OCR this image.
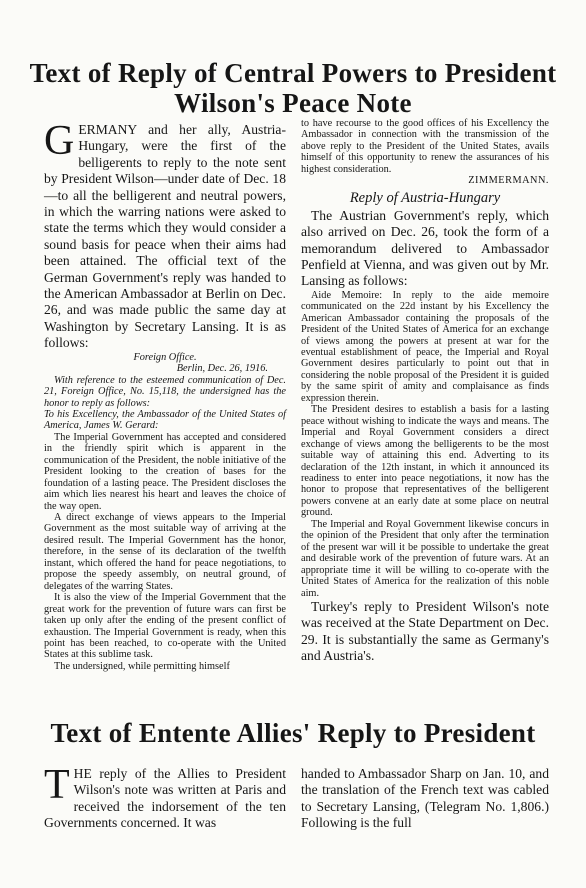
Text of Reply of Central Powers to President
Wilson's Peace Note

GERMANY and her ally, Austria-Hungary, were the first of the belligerents to reply to the note sent by President Wilson—under date of Dec. 18—to all the belligerent and neutral powers, in which the warring nations were asked to state the terms which they would consider a sound basis for peace when their aims had been attained. The official text of the German Government's reply was handed to the American Ambassador at Berlin on Dec. 26, and was made public the same day at Washington by Secretary Lansing. It is as follows:

Foreign Office.

Berlin, Dec. 26, 1916.

With reference to the esteemed communication of Dec. 21, Foreign Office, No. 15,118, the undersigned has the honor to reply as follows:

To his Excellency, the Ambassador of the United States of America, James W. Gerard:

The Imperial Government has accepted and considered in the friendly spirit which is apparent in the communication of the President, the noble initiative of the President looking to the creation of bases for the foundation of a lasting peace. The President discloses the aim which lies nearest his heart and leaves the choice of the way open.

A direct exchange of views appears to the Imperial Government as the most suitable way of arriving at the desired result. The Imperial Government has the honor, therefore, in the sense of its declaration of the twelfth instant, which offered the hand for peace negotiations, to propose the speedy assembly, on neutral ground, of delegates of the warring States.

It is also the view of the Imperial Government that the great work for the prevention of future wars can first be taken up only after the ending of the present conflict of exhaustion. The Imperial Government is ready, when this point has been reached, to co-operate with the United States at this sublime task.

The undersigned, while permitting himself

to have recourse to the good offices of his Excellency the Ambassador in connection with the transmission of the above reply to the President of the United States, avails himself of this opportunity to renew the assurances of his highest consideration.

ZIMMERMANN.

Reply of Austria-Hungary

The Austrian Government's reply, which also arrived on Dec. 26, took the form of a memorandum delivered to Ambassador Penfield at Vienna, and was given out by Mr. Lansing as follows:

Aide Memoire: In reply to the aide memoire communicated on the 22d instant by his Excellency the American Ambassador containing the proposals of the President of the United States of America for an exchange of views among the powers at present at war for the eventual establishment of peace, the Imperial and Royal Government desires particularly to point out that in considering the noble proposal of the President it is guided by the same spirit of amity and complaisance as finds expression therein.

The President desires to establish a basis for a lasting peace without wishing to indicate the ways and means. The Imperial and Royal Government considers a direct exchange of views among the belligerents to be the most suitable way of attaining this end. Adverting to its declaration of the 12th instant, in which it announced its readiness to enter into peace negotiations, it now has the honor to propose that representatives of the belligerent powers convene at an early date at some place on neutral ground.

The Imperial and Royal Government likewise concurs in the opinion of the President that only after the termination of the present war will it be possible to undertake the great and desirable work of the prevention of future wars. At an appropriate time it will be willing to co-operate with the United States of America for the realization of this noble aim.

Turkey's reply to President Wilson's note was received at the State Department on Dec. 29. It is substantially the same as Germany's and Austria's.

Text of Entente Allies' Reply to President

THE reply of the Allies to President Wilson's note was written at Paris and received the indorsement of the ten Governments concerned. It was

handed to Ambassador Sharp on Jan. 10, and the translation of the French text was cabled to Secretary Lansing, (Telegram No. 1,806.) Following is the full
